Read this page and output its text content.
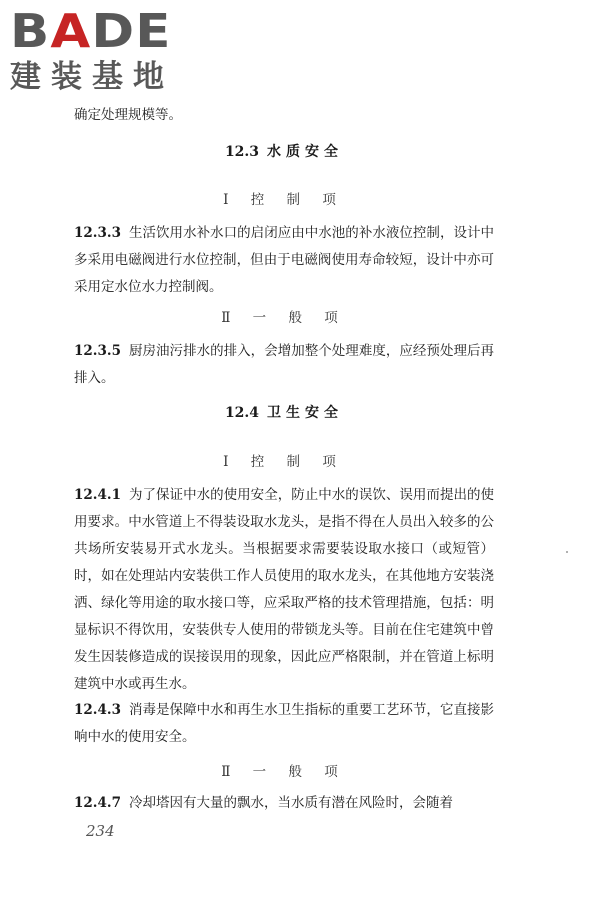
BADE
建装基地

确定处理规模等。

12.3 水质安全
Ⅰ 控 制 项

12.3.3 生活饮用水补水口的启闭应由中水池的补水液位控制，设计中多采用电磁阀进行水位控制，但由于电磁阀使用寿命较短，设计中亦可采用定水位水力控制阀。

Ⅱ 一 般 项

12.3.5 厨房油污排水的排入，会增加整个处理难度，应经预处理后再排入。

12.4 卫生安全
Ⅰ 控 制 项

12.4.1 为了保证中水的使用安全，防止中水的误饮、误用而提出的使用要求。中水管道上不得装设取水龙头，是指不得在人员出入较多的公共场所安装易开式水龙头。当根据要求需要装设取水接口（或短管）时，如在处理站内安装供工作人员使用的取水龙头，在其他地方安装浇洒、绿化等用途的取水接口等，应采取严格的技术管理措施，包括：明显标识不得饮用，安装供专人使用的带锁龙头等。目前在住宅建筑中曾发生因装修造成的误接误用的现象，因此应严格限制，并在管道上标明建筑中水或再生水。

12.4.3 消毒是保障中水和再生水卫生指标的重要工艺环节，它直接影响中水的使用安全。

Ⅱ 一 般 项

12.4.7 冷却塔因有大量的飘水，当水质有潜在风险时，会随着

234
